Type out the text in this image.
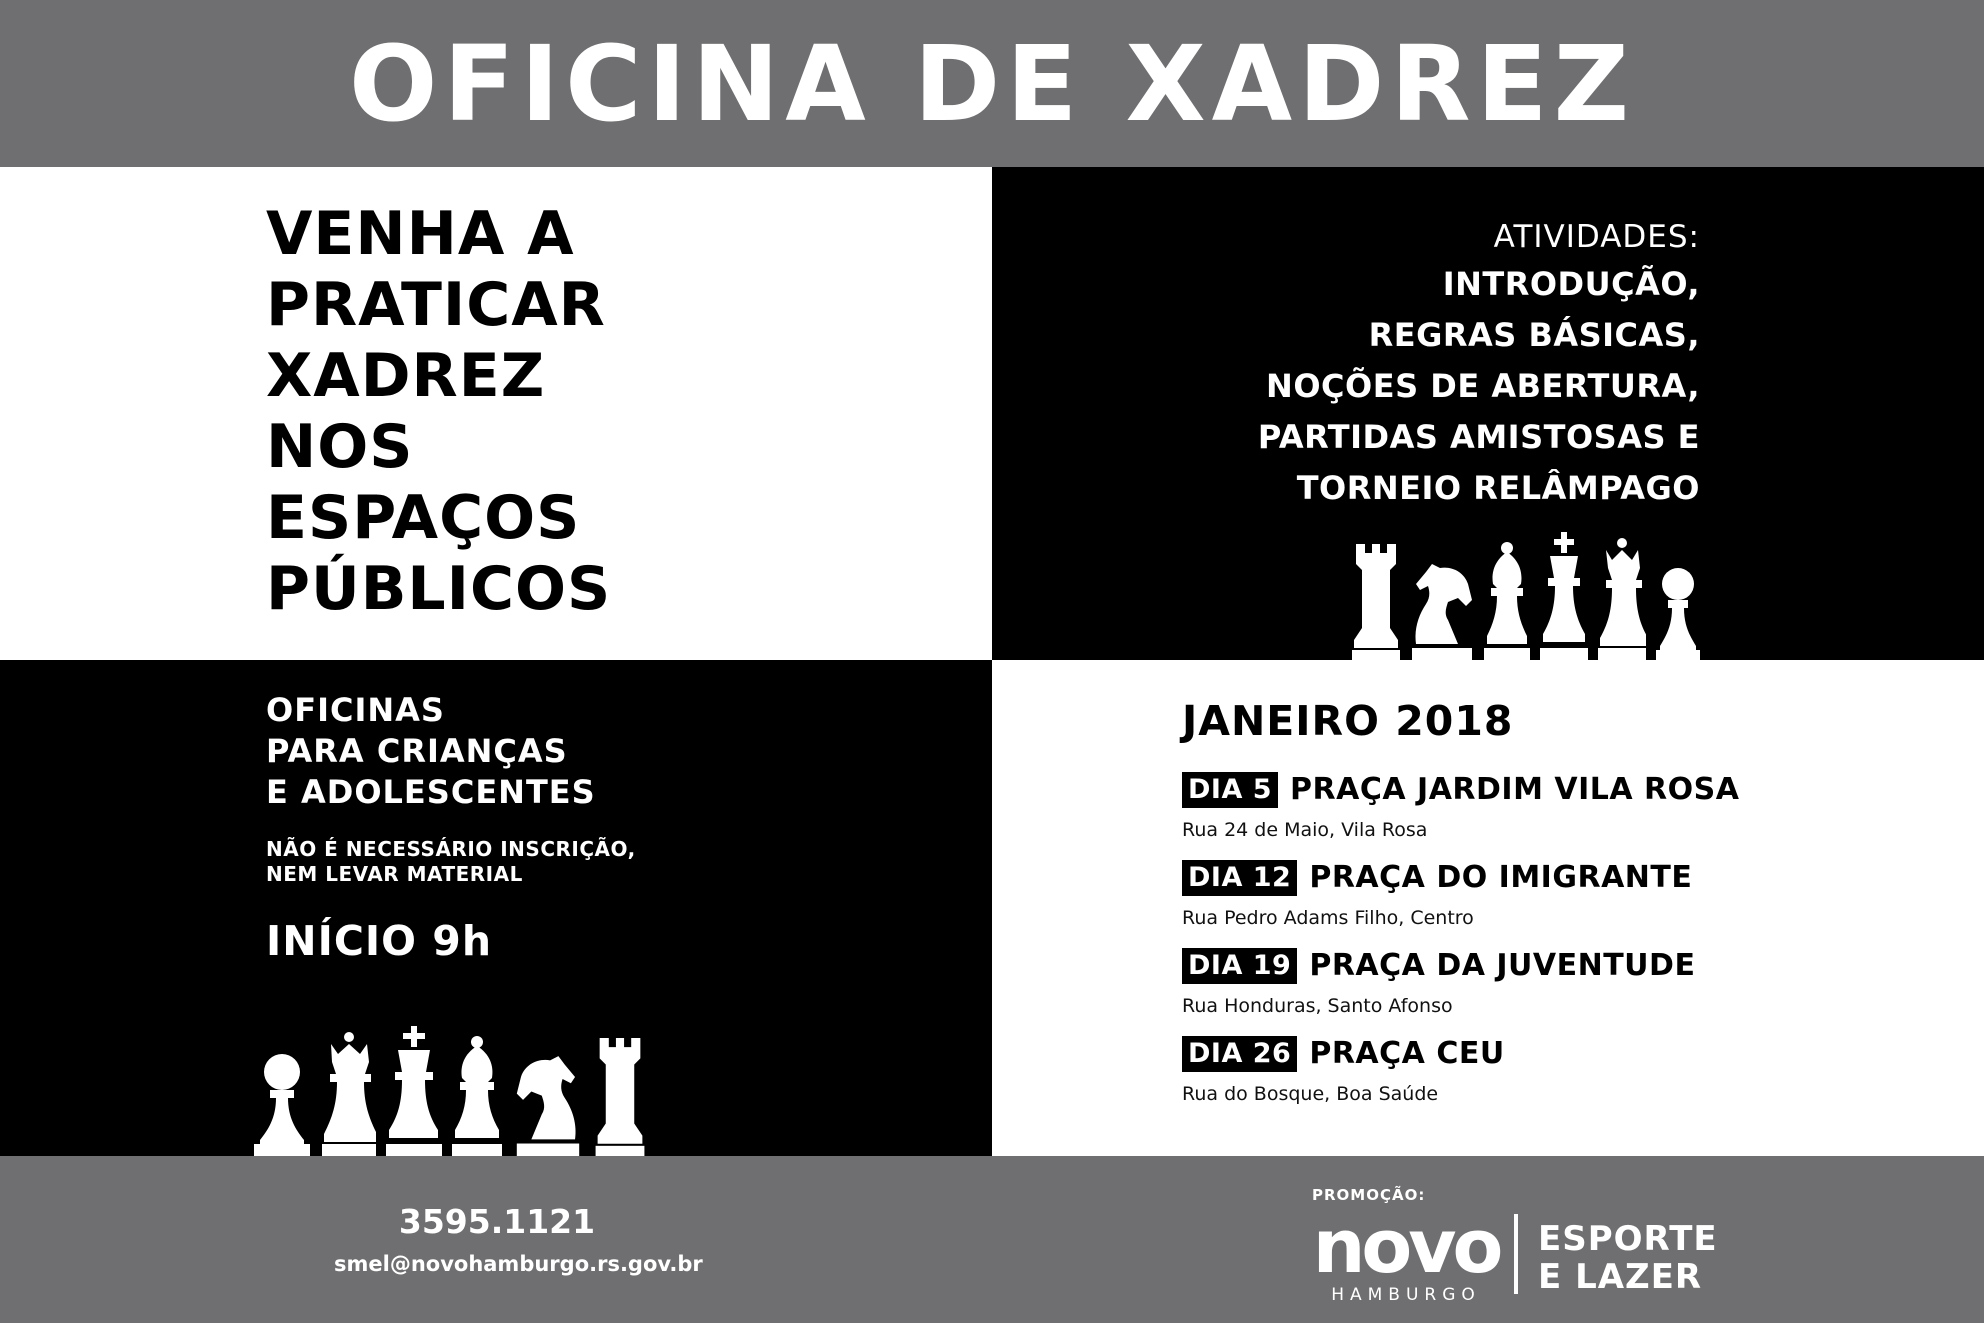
OFICINA DE XADREZ
VENHA A
PRATICAR
XADREZ
NOS
ESPAÇOS
PÚBLICOS
ATIVIDADES:
INTRODUÇÃO,
REGRAS BÁSICAS,
NOÇÕES DE ABERTURA,
PARTIDAS AMISTOSAS E
TORNEIO RELÂMPAGO
OFICINAS
PARA CRIANÇAS
E ADOLESCENTES
NÃO É NECESSÁRIO INSCRIÇÃO,
NEM LEVAR MATERIAL
INÍCIO 9h
JANEIRO 2018
DIA 5 PRAÇA JARDIM VILA ROSA
Rua 24 de Maio, Vila Rosa
DIA 12 PRAÇA DO IMIGRANTE
Rua Pedro Adams Filho, Centro
DIA 19 PRAÇA DA JUVENTUDE
Rua Honduras, Santo Afonso
DIA 26 PRAÇA CEU
Rua do Bosque, Boa Saúde
3595.1121
smel@novohamburgo.rs.gov.br
PROMOÇÃO:
novo
HAMBURGO
ESPORTE
E LAZER
